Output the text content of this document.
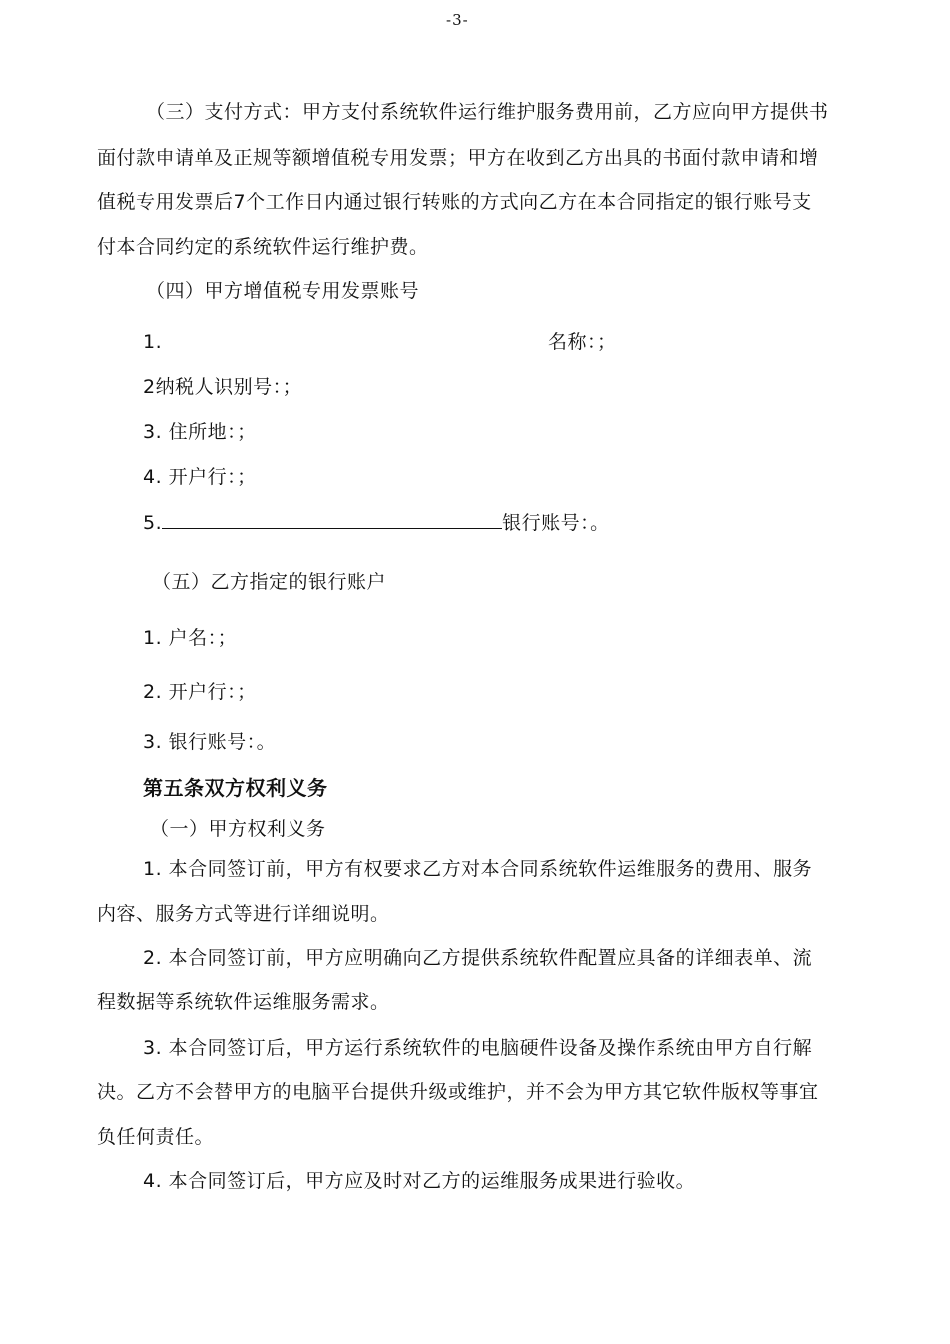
-3-
（三）支付方式：甲方支付系统软件运行维护服务费用前，乙方应向甲方提供书
面付款申请单及正规等额增值税专用发票；甲方在收到乙方出具的书面付款申请和增
值税专用发票后7个工作日内通过银行转账的方式向乙方在本合同指定的银行账号支
付本合同约定的系统软件运行维护费。
（四）甲方增值税专用发票账号
1.	名称：；
2纳税人识别号：；
3. 住所地：；
4. 开户行：；
5.	银行账号：。
（五）乙方指定的银行账户
1. 户名：；
2. 开户行：；
3. 银行账号：。
第五条双方权利义务
（一）甲方权利义务
1. 本合同签订前，甲方有权要求乙方对本合同系统软件运维服务的费用、服务
内容、服务方式等进行详细说明。
2. 本合同签订前，甲方应明确向乙方提供系统软件配置应具备的详细表单、流
程数据等系统软件运维服务需求。
3. 本合同签订后，甲方运行系统软件的电脑硬件设备及操作系统由甲方自行解
决。乙方不会替甲方的电脑平台提供升级或维护，并不会为甲方其它软件版权等事宜
负任何责任。
4. 本合同签订后，甲方应及时对乙方的运维服务成果进行验收。
